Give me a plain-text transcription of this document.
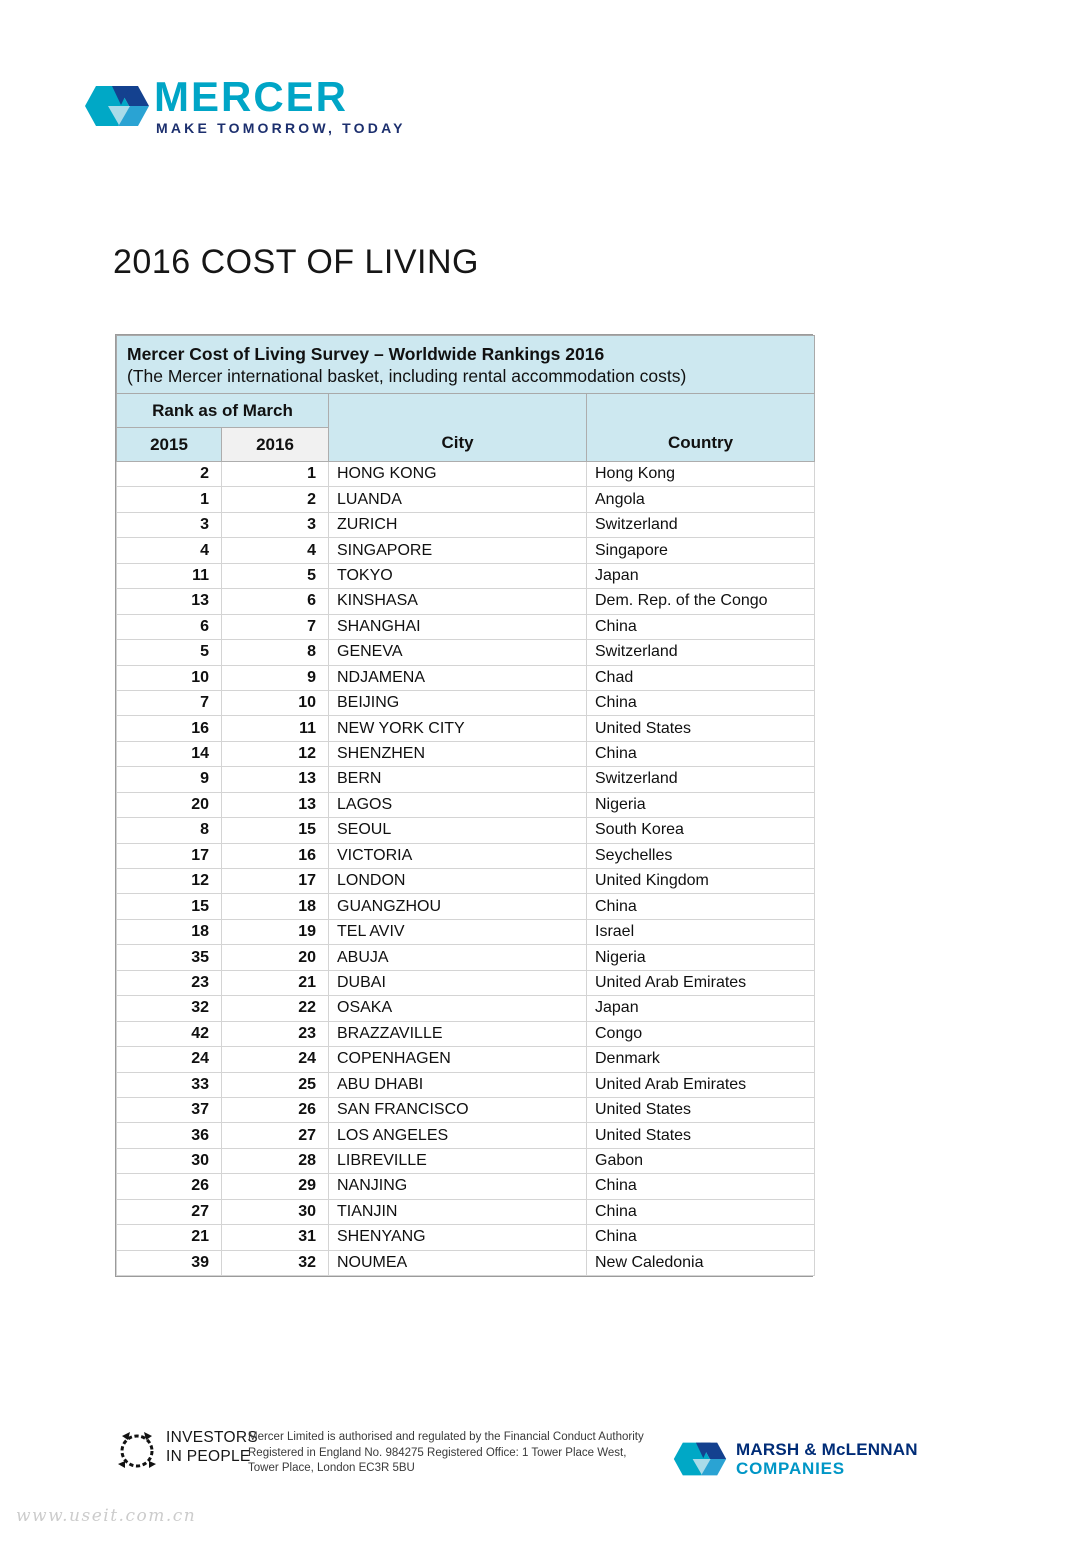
MERCER
MAKE TOMORROW, TODAY
2016 COST OF LIVING
Mercer Cost of Living Survey – Worldwide Rankings 2016
(The Mercer international basket, including rental accommodation costs)			

Rank as of March		City	Country
2015	2016		
2	1	HONG KONG	Hong Kong
1	2	LUANDA	Angola
3	3	ZURICH	Switzerland
4	4	SINGAPORE	Singapore
11	5	TOKYO	Japan
13	6	KINSHASA	Dem. Rep. of the Congo
6	7	SHANGHAI	China
5	8	GENEVA	Switzerland
10	9	NDJAMENA	Chad
7	10	BEIJING	China
16	11	NEW YORK CITY	United States
14	12	SHENZHEN	China
9	13	BERN	Switzerland
20	13	LAGOS	Nigeria
8	15	SEOUL	South Korea
17	16	VICTORIA	Seychelles
12	17	LONDON	United Kingdom
15	18	GUANGZHOU	China
18	19	TEL AVIV	Israel
35	20	ABUJA	Nigeria
23	21	DUBAI	United Arab Emirates
32	22	OSAKA	Japan
42	23	BRAZZAVILLE	Congo
24	24	COPENHAGEN	Denmark
33	25	ABU DHABI	United Arab Emirates
37	26	SAN FRANCISCO	United States
36	27	LOS ANGELES	United States
30	28	LIBREVILLE	Gabon
26	29	NANJING	China
27	30	TIANJIN	China
21	31	SHENYANG	China
39	32	NOUMEA	New Caledonia
INVESTORS
IN PEOPLE
Mercer Limited is authorised and regulated by the Financial Conduct Authority
Registered in England No. 984275 Registered Office: 1 Tower Place West,
Tower Place, London EC3R 5BU
MARSH & McLENNAN
COMPANIES
www.useit.com.cn
